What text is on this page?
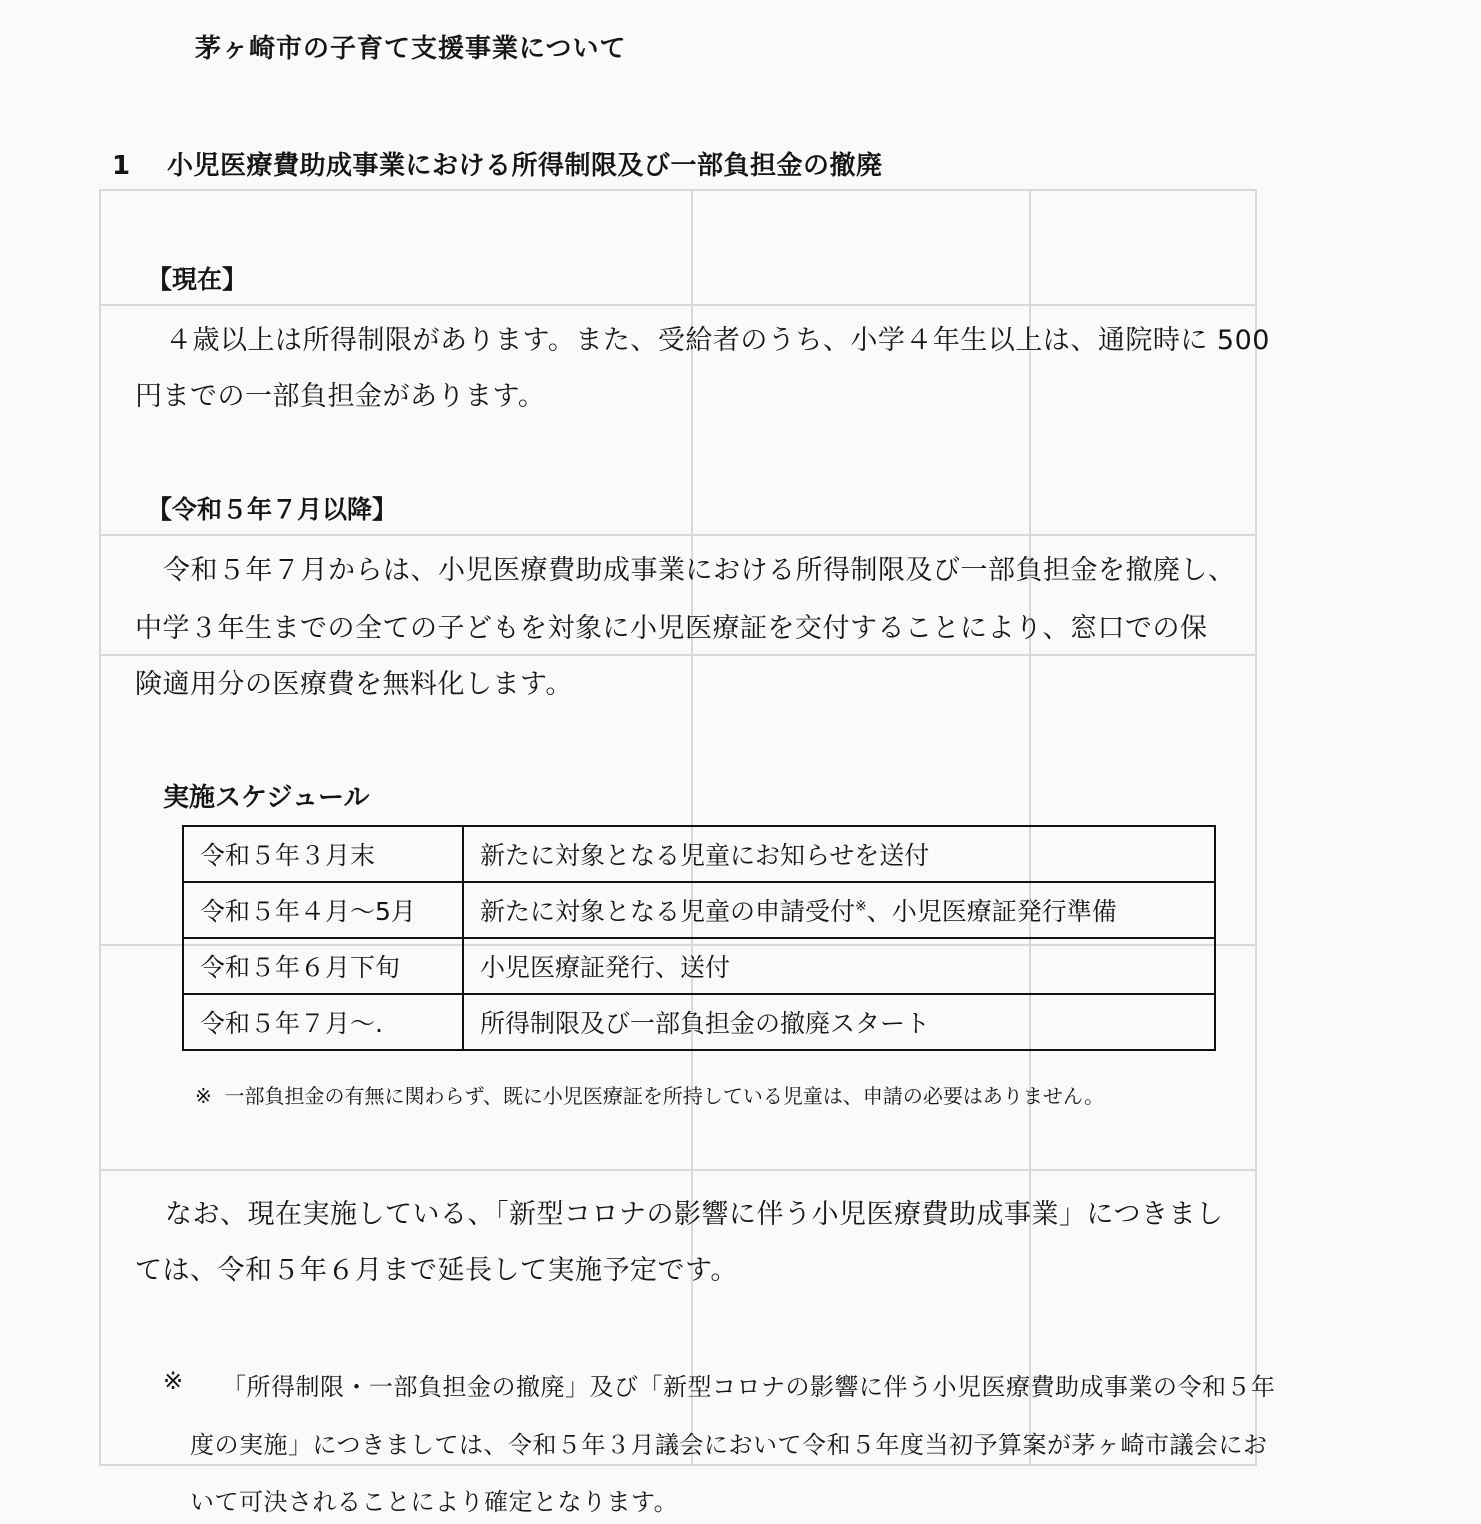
茅ヶ崎市の子育て支援事業について
1 小児医療費助成事業における所得制限及び一部負担金の撤廃
【現在】
４歳以上は所得制限があります。また、受給者のうち、小学４年生以上は、通院時に 500
円までの一部負担金があります。
【令和５年７月以降】
令和５年７月からは、小児医療費助成事業における所得制限及び一部負担金を撤廃し、
中学３年生までの全ての子どもを対象に小児医療証を交付することにより、窓口での保
険適用分の医療費を無料化します。
実施スケジュール
令和５年３月末	新たに対象となる児童にお知らせを送付
令和５年４月～5月	新たに対象となる児童の申請受付※、小児医療証発行準備
令和５年６月下旬	小児医療証発行、送付
令和５年７月～.	所得制限及び一部負担金の撤廃スタート
※ 一部負担金の有無に関わらず、既に小児医療証を所持している児童は、申請の必要はありません。
なお、現在実施している、「新型コロナの影響に伴う小児医療費助成事業」につきまし
ては、令和５年６月まで延長して実施予定です。
※ 「所得制限・一部負担金の撤廃」及び「新型コロナの影響に伴う小児医療費助成事業の令和５年
度の実施」につきましては、令和５年３月議会において令和５年度当初予算案が茅ヶ崎市議会にお
いて可決されることにより確定となります。
